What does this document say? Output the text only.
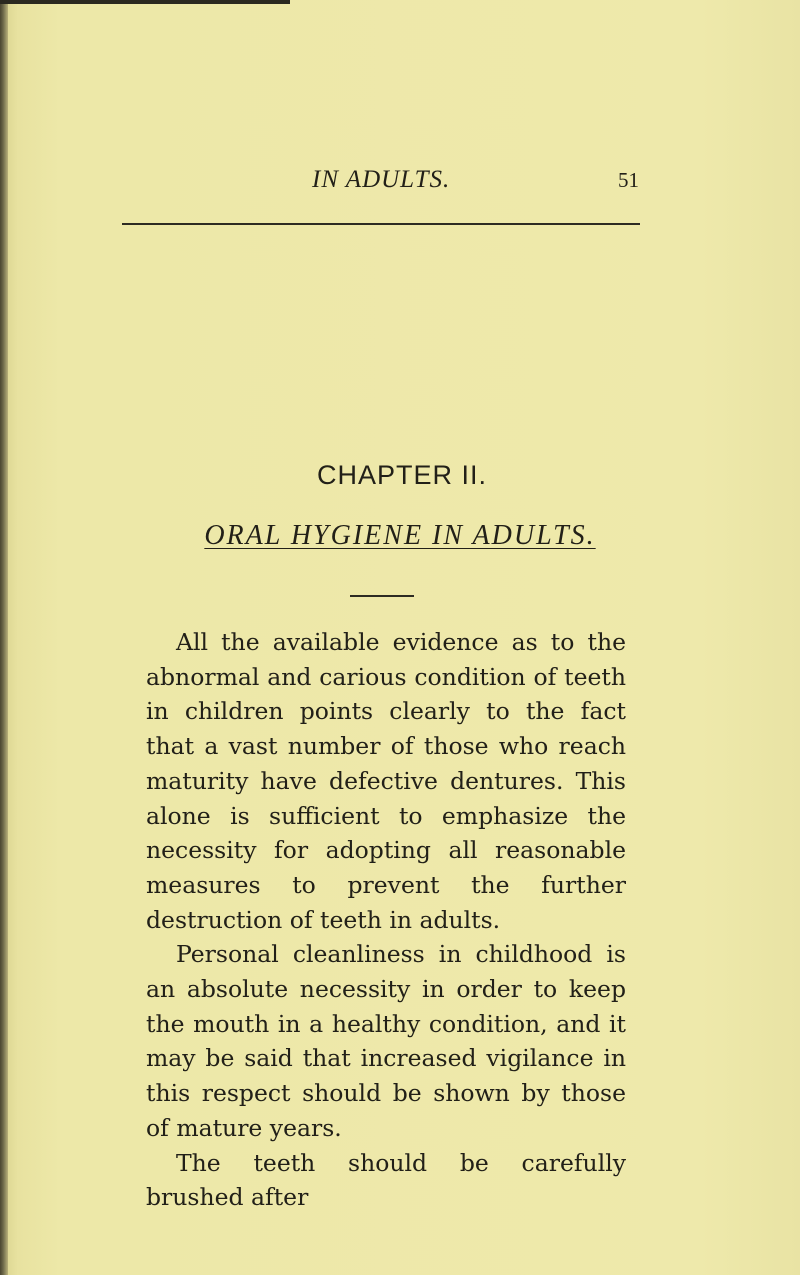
IN ADULTS.	51
CHAPTER II.
ORAL HYGIENE IN ADULTS.

All the available evidence as to the abnormal and carious condition of teeth in children points clearly to the fact that a vast number of those who reach maturity have defective dentures. This alone is sufficient to emphasize the necessity for adopting all reasonable measures to prevent the further destruction of teeth in adults.

Personal cleanliness in childhood is an absolute necessity in order to keep the mouth in a healthy condition, and it may be said that increased vigilance in this respect should be shown by those of mature years.

The teeth should be carefully brushed after
